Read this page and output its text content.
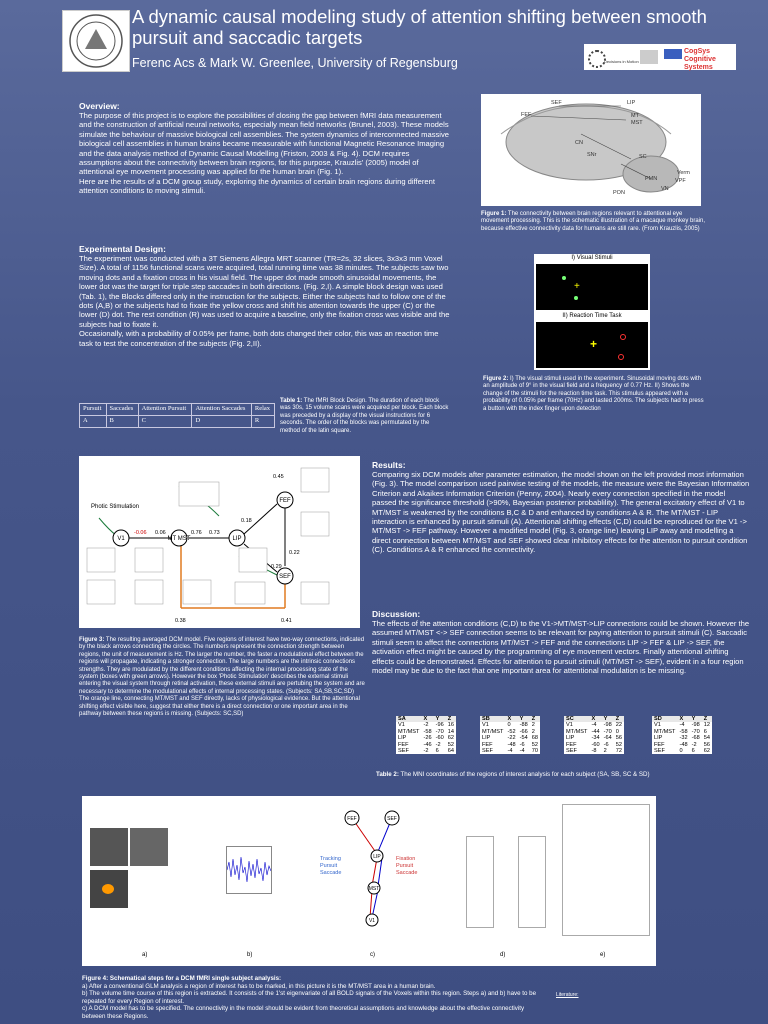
A dynamic causal modeling study of attention shifting between smooth pursuit and saccadic targets
Ferenc Acs & Mark W. Greenlee, University of Regensburg	Decisions in Motion
CogSys Cognitive Systems
Overview:
The purpose of this project is to explore the possibilities of closing the gap between fMRI data measurement and the construction of artificial neural networks, especially mean field networks (Brunel, 2003). These models simulate the behaviour of massive biological cell assemblies. The system dynamics of interconnected massive biological cell assemblies in human brains became measurable with functional Magnetic Resonance Imaging and the data analysis method of Dynamic Causal Modelling (Friston, 2003 & Fig. 4). DCM requires assumptions about the connectivity between brain regions, for this purpose, Krauzlis' (2005) model of attentional eye movement processing was applied for the human brain (Fig. 1).
Here are the results of a DCM group study, exploring the dynamics of certain brain regions during different attention conditions to moving stimuli.
Experimental Design:
The experiment was conducted with a 3T Siemens Allegra MRT scanner (TR=2s, 32 slices, 3x3x3 mm Voxel Size). A total of 1156 functional scans were acquired, total running time was 38 minutes. The subjects saw two moving dots and a fixation cross in his visual field. The upper dot made smooth sinusoidal movements, the lower dot was the target for triple step saccades in both directions. (Fig. 2,I). A simple block design was used (Tab. 1), the Blocks differed only in the instruction for the subjects. Either the subjects had to follow one of the dots (A,B) or the subjects had to fixate the yellow cross and shift his attention towards the upper (C) or the lower (D) dot. The rest condition (R) was used to acquire a baseline, only the fixation cross was visible and the subjects had to fixate it.
Occasionally, with a probability of 0.05% per frame, both dots changed their color, this was an reaction time task to test the concentration of the subjects (Fig. 2,II).
Pursuit	Saccades	Attention Pursuit	Attention Saccades	Relax
A	B	C	D	R
Table 1: The fMRI Block Design. The duration of each block was 30s, 15 volume scans were acquired per block. Each block was preceded by a display of the visual instructions for 6 seconds. The order of the blocks was permutated by the method of the latin square.
SEF	LIP
FEF	MT
MST
SC
CN
SNr
Verm
VPF
PON
PMN
VN
Figure 1: The connectivity between brain regions relevant to attentional eye movement processing. This is the schematic illustration of a macaque monkey brain, because effective connectivity data for humans are still rare. (From Krauzlis, 2005)
I) Visual Stimuli
+
II) Reaction Time Task
+
Figure 2: I) The visual stimuli used in the experiment. Sinusoidal moving dots with an amplitude of 9° in the visual field and a frequency of 0.77 Hz. II) Shows the change of the stimuli for the reaction time task. This stimulus appeared with a probability of 0.05% per frame (70Hz) and lasted 200ms. The subjects had to press a button with the index finger upon detection
Photic Stimulation
V1	MT MST	LIP
FEF
SEF
0.45
-0.06 0.06	0.76 0.73
0.18
0.29
0.22
0.38	0.41
Figure 3: The resulting averaged DCM model. Five regions of interest have two-way connections, indicated by the black arrows connecting the circles. The numbers represent the connection strength between regions, the unit of measurement is Hz. The larger the number, the faster a modulational effect between the regions will propagate, indicating a stronger connection. The large numbers are the intrinsic connections strengths. They are modulated by the different conditions affecting the internal processing state of the system (boxes with green arrows). However the box 'Photic Stimulation' describes the external stimuli entering the visual system through retinal activation, these external stimuli are pertubing the system and are necessary to determine the modulational effects of internal processing states. (Subjects: SA,SB,SC,SD)
The orange line, connecting MT/MST and SEF directly, lacks of physiological evidence. But the attentional shifting effect visible here, suggest that either there is a direct connection or one important area in the pathway between these regions is missing. (Subjects: SC,SD)
Results:
Comparing six DCM models after parameter estimation, the model shown on the left provided most information (Fig. 3). The model comparison used pairwise testing of the models, the measure were the Bayesian Information Criterion and Akaikes Information Criterion (Penny, 2004). Nearly every connection specified in the model passed the significance threshold (>90%, Bayesian posterior probablility). The general excitatory effect of V1 to MT/MST is weakened by the conditions B,C & D and enhanced by conditions A & R. The MT/MST - LIP interaction is enhanced by pursuit stimuli (A). Attentional shifting effects (C,D) could be reproduced for the V1 -> MT/MST -> FEF pathway. However a modified model (Fig. 3, orange line) leaving LIP away and modelling a direct connection between MT/MST and SEF showed clear inhibitory effects for the attention to pursuit condition (C). Conditions A & R enhanced the connectivity.
Discussion:
The effects of the attention conditions (C,D) to the V1->MT/MST->LIP connections could be shown. However the assumed MT/MST <-> SEF connection seems to be relevant for paying attention to pursuit stimuli (C). Saccadic stimuli seem to affect the connections MT/MST -> FEF and the connections LIP -> FEF & LIP -> SEF, the activation effect might be caused by the programming of eye movement vectors. Finally attentional shifting effects could be demonstrated. Effects for attention to pursuit stimuli (MT/MST -> SEF), evident in a four region model may be due to the fact that one important area for attentional modulation is be missing.
SA	X	Y	Z
V1	-2	-96	16
MT/MST	-58	-70	14
LIP	-26	-60	62
FEF	-46	-2	52
SEF	-2	6	64
SB	X	Y	Z
V1	0	-88	2
MT/MST	-52	-66	2
LIP	-22	-54	68
FEF	-48	-6	52
SEF	-4	-4	70
SC	X	Y	Z
V1	-4	-98	22
MT/MST	-44	-70	0
LIP	-34	-64	56
FEF	-60	-6	52
SEF	-8	2	72
SD	X	Y	Z
V1	-4	-98	12
MT/MST	-58	-70	6
LIP	-32	-68	54
FEF	-48	-2	56
SEF	0	6	62
Table 2: The MNI coordinates of the regions of interest analysis for each subject (SA, SB, SC & SD)
FEF	SEF
LIP
MST
V1
Tracking Pursuit Saccade
Fixation Pursuit Saccade
a)	b)	c)	d)	e)
Figure 4: Schematical steps for a DCM fMRI single subject analysis:
a) After a conventional GLM analysis a region of interest has to be marked, in this picture it is the MT/MST area in a human brain.
b) The volume time course of this region is extracted. It consists of the 1'st eigenvariate of all BOLD signals of the Voxels within this region. Steps a) and b) have to be repeated for every Region of interest.
c) A DCM model has to be specified. The connectivity in the model should be evident from theoretical assumptions and knowledge about the effective connectivity between these Regions.
Literature:
